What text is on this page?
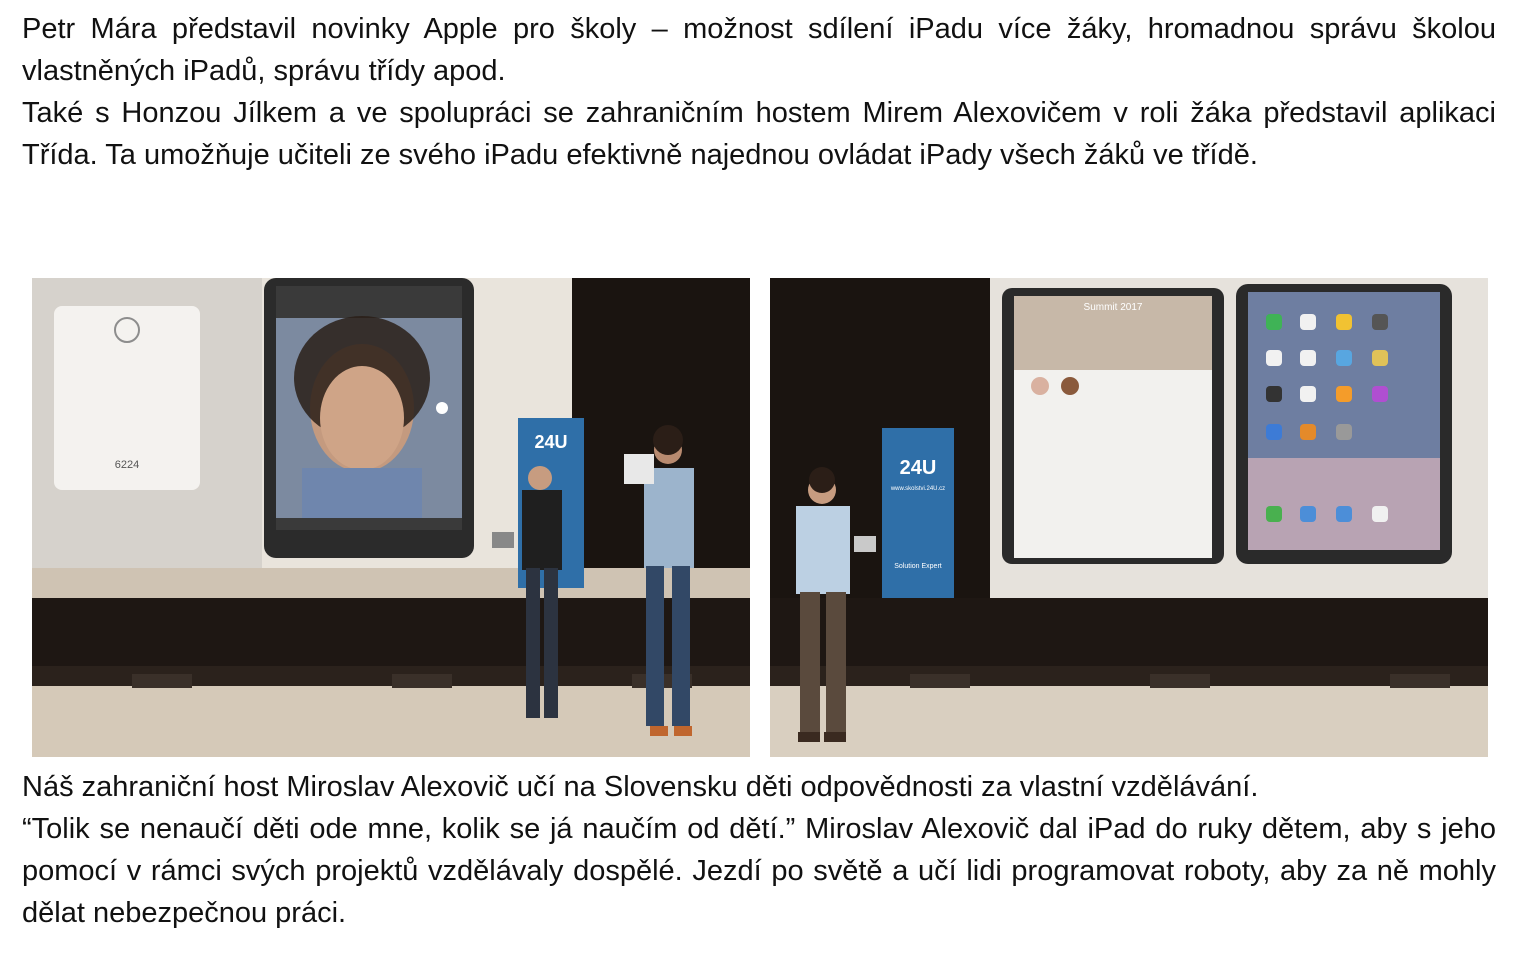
Petr Mára představil novinky Apple pro školy – možnost sdílení iPadu více žáky, hromadnou správu školou vlastněných iPadů, správu třídy apod.

Také s Honzou Jílkem a ve spolupráci se zahraničním hostem Mirem Alexovičem v roli žáka představil aplikaci Třída. Ta umožňuje učiteli ze svého iPadu efektivně najednou ovládat iPady všech žáků ve třídě.

6224
24U
Summit 2017
24U
www.skolstvi.24U.cz
Solution Expert

Náš zahraniční host Miroslav Alexovič učí na Slovensku děti odpovědnosti za vlastní vzdělávání.

“Tolik se nenaučí děti ode mne, kolik se já naučím od dětí.” Miroslav Alexovič dal iPad do ruky dětem, aby s jeho pomocí v rámci svých projektů vzdělávaly dospělé. Jezdí po světě a učí lidi programovat roboty, aby za ně mohly dělat nebezpečnou práci.
